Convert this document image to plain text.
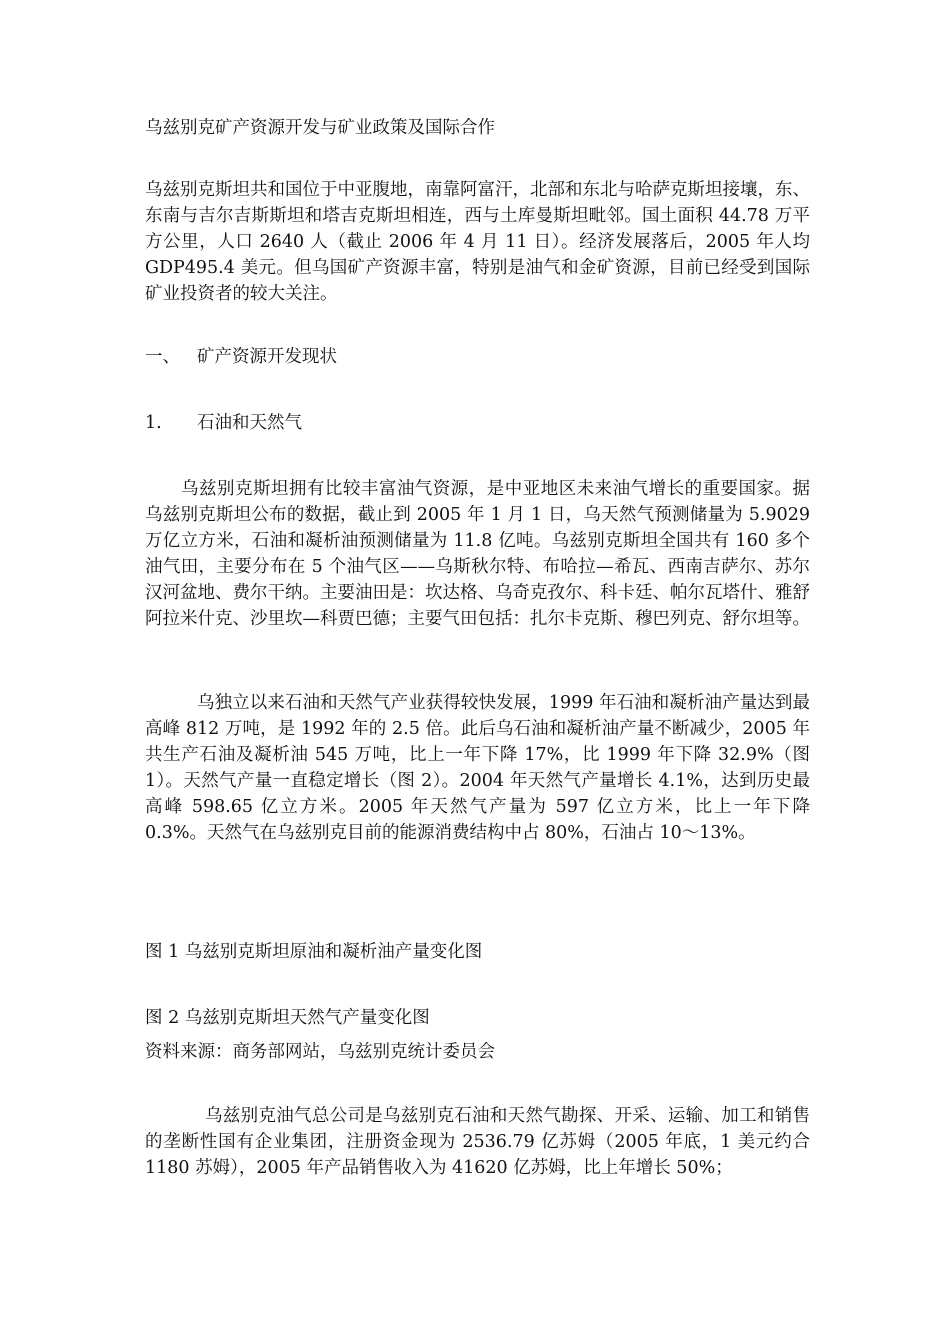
乌兹别克矿产资源开发与矿业政策及国际合作

乌兹别克斯坦共和国位于中亚腹地，南靠阿富汗，北部和东北与哈萨克斯坦接壤，东、东南与吉尔吉斯斯坦和塔吉克斯坦相连，西与土库曼斯坦毗邻。国土面积 44.78 万平方公里，人口 2640 人（截止 2006 年 4 月 11 日）。经济发展落后，2005 年人均 GDP495.4 美元。但乌国矿产资源丰富，特别是油气和金矿资源，目前已经受到国际矿业投资者的较大关注。

一、 矿产资源开发现状

1. 石油和天然气

乌兹别克斯坦拥有比较丰富油气资源，是中亚地区未来油气增长的重要国家。据乌兹别克斯坦公布的数据，截止到 2005 年 1 月 1 日，乌天然气预测储量为 5.9029 万亿立方米，石油和凝析油预测储量为 11.8 亿吨。乌兹别克斯坦全国共有 160 多个油气田，主要分布在 5 个油气区——乌斯秋尔特、布哈拉—希瓦、西南吉萨尔、苏尔汉河盆地、费尔干纳。主要油田是：坎达格、乌奇克孜尔、科卡廷、帕尔瓦塔什、雅舒阿拉米什克、沙里坎—科贾巴德；主要气田包括：扎尔卡克斯、穆巴列克、舒尔坦等。

乌独立以来石油和天然气产业获得较快发展，1999 年石油和凝析油产量达到最高峰 812 万吨，是 1992 年的 2.5 倍。此后乌石油和凝析油产量不断减少，2005 年共生产石油及凝析油 545 万吨，比上一年下降 17%，比 1999 年下降 32.9%（图 1）。天然气产量一直稳定增长（图 2）。2004 年天然气产量增长 4.1%，达到历史最高峰 598.65 亿立方米。2005 年天然气产量为 597 亿立方米，比上一年下降 0.3%。天然气在乌兹别克目前的能源消费结构中占 80%，石油占 10～13%。

图 1 乌兹别克斯坦原油和凝析油产量变化图

图 2 乌兹别克斯坦天然气产量变化图

资料来源：商务部网站，乌兹别克统计委员会

乌兹别克油气总公司是乌兹别克石油和天然气勘探、开采、运输、加工和销售的垄断性国有企业集团，注册资金现为 2536.79 亿苏姆（2005 年底，1 美元约合 1180 苏姆），2005 年产品销售收入为 41620 亿苏姆，比上年增长 50%；
